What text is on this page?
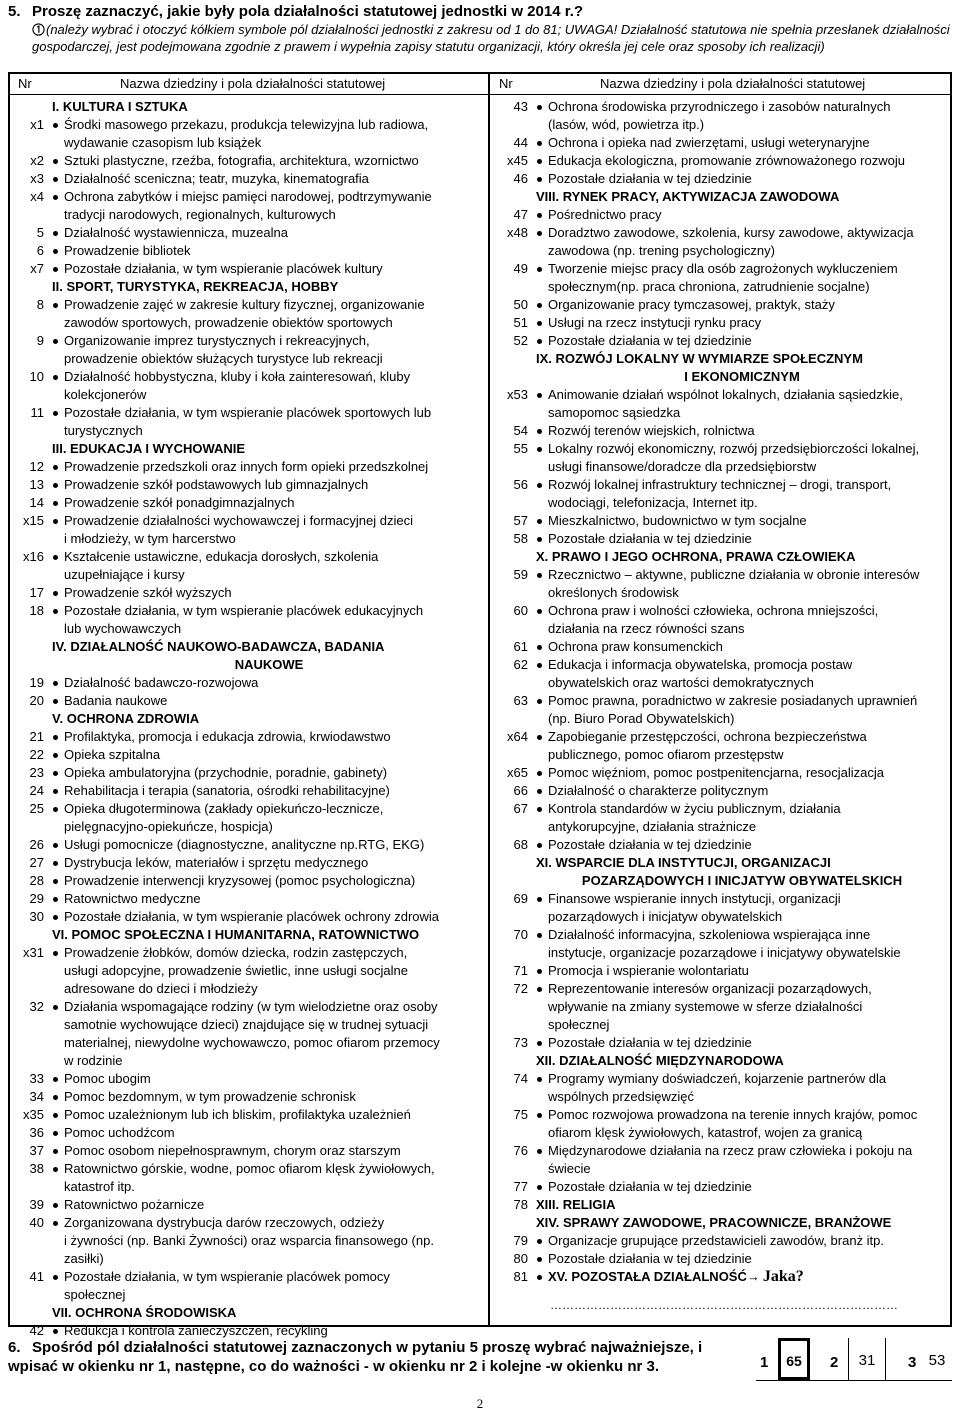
5. Proszę zaznaczyć, jakie były pola działalności statutowej jednostki w 2014 r.?
(należy wybrać i otoczyć kółkiem symbole pól działalności jednostki z zakresu od 1 do 81; UWAGA! Działalność statutowa nie spełnia przesłanek działalności gospodarczej, jest podejmowana zgodnie z prawem i wypełnia zapisy statutu organizacji, który określa jej cele oraz sposoby ich realizacji)
Nr	Nazwa dziedziny i pola działalności statutowej	Nr	Nazwa dziedziny i pola działalności statutowej
I. KULTURA I SZTUKA
x1	Środki masowego przekazu, produkcja telewizyjna lub radiowa,
wydawanie czasopism lub książek
x2	Sztuki plastyczne, rzeźba, fotografia, architektura, wzornictwo
x3	Działalność sceniczna; teatr, muzyka, kinematografia
x4	Ochrona zabytków i miejsc pamięci narodowej, podtrzymywanie
tradycji narodowych, regionalnych, kulturowych
5	Działalność wystawiennicza, muzealna
6	Prowadzenie bibliotek
x7	Pozostałe działania, w tym wspieranie placówek kultury
II. SPORT, TURYSTYKA, REKREACJA, HOBBY
8	Prowadzenie zajęć w zakresie kultury fizycznej, organizowanie
zawodów sportowych, prowadzenie obiektów sportowych
9	Organizowanie imprez turystycznych i rekreacyjnych,
prowadzenie obiektów służących turystyce lub rekreacji
10	Działalność hobbystyczna, kluby i koła zainteresowań, kluby
kolekcjonerów
11	Pozostałe działania, w tym wspieranie placówek sportowych lub
turystycznych
III. EDUKACJA I WYCHOWANIE
12	Prowadzenie przedszkoli oraz innych form opieki przedszkolnej
13	Prowadzenie szkół podstawowych lub gimnazjalnych
14	Prowadzenie szkół ponadgimnazjalnych
x15	Prowadzenie działalności wychowawczej i formacyjnej dzieci
i młodzieży, w tym harcerstwo
x16	Kształcenie ustawiczne, edukacja dorosłych, szkolenia
uzupełniające i kursy
17	Prowadzenie szkół wyższych
18	Pozostałe działania, w tym wspieranie placówek edukacyjnych
lub wychowawczych
IV. DZIAŁALNOŚĆ NAUKOWO-BADAWCZA, BADANIA
NAUKOWE
19	Działalność badawczo-rozwojowa
20	Badania naukowe
V. OCHRONA ZDROWIA
21	Profilaktyka, promocja i edukacja zdrowia, krwiodawstwo
22	Opieka szpitalna
23	Opieka ambulatoryjna (przychodnie, poradnie, gabinety)
24	Rehabilitacja i terapia (sanatoria, ośrodki rehabilitacyjne)
25	Opieka długoterminowa (zakłady opiekuńczo-lecznicze,
pielęgnacyjno-opiekuńcze, hospicja)
26	Usługi pomocnicze (diagnostyczne, analityczne np.RTG, EKG)
27	Dystrybucja leków, materiałów i sprzętu medycznego
28	Prowadzenie interwencji kryzysowej (pomoc psychologiczna)
29	Ratownictwo medyczne
30	Pozostałe działania, w tym wspieranie placówek ochrony zdrowia
VI. POMOC SPOŁECZNA I HUMANITARNA, RATOWNICTWO
x31	Prowadzenie żłobków, domów dziecka, rodzin zastępczych,
usługi adopcyjne, prowadzenie świetlic, inne usługi socjalne
adresowane do dzieci i młodzieży
32	Działania wspomagające rodziny (w tym wielodzietne oraz osoby
samotnie wychowujące dzieci) znajdujące się w trudnej sytuacji
materialnej, niewydolne wychowawczo, pomoc ofiarom przemocy
w rodzinie
33	Pomoc ubogim
34	Pomoc bezdomnym, w tym prowadzenie schronisk
x35	Pomoc uzależnionym lub ich bliskim, profilaktyka uzależnień
36	Pomoc uchodźcom
37	Pomoc osobom niepełnosprawnym, chorym oraz starszym
38	Ratownictwo górskie, wodne, pomoc ofiarom klęsk żywiołowych,
katastrof itp.
39	Ratownictwo pożarnicze
40	Zorganizowana dystrybucja darów rzeczowych, odzieży
i żywności (np. Banki Żywności) oraz wsparcia finansowego (np.
zasiłki)
41	Pozostałe działania, w tym wspieranie placówek pomocy
społecznej
VII. OCHRONA ŚRODOWISKA
42	Redukcja i kontrola zanieczyszczeń, recykling
43	Ochrona środowiska przyrodniczego i zasobów naturalnych
(lasów, wód, powietrza itp.)
44	Ochrona i opieka nad zwierzętami, usługi weterynaryjne
x45	Edukacja ekologiczna, promowanie zrównoważonego rozwoju
46	Pozostałe działania w tej dziedzinie
VIII. RYNEK PRACY, AKTYWIZACJA ZAWODOWA
47	Pośrednictwo pracy
x48	Doradztwo zawodowe, szkolenia, kursy zawodowe, aktywizacja
zawodowa (np. trening psychologiczny)
49	Tworzenie miejsc pracy dla osób zagrożonych wykluczeniem
społecznym(np. praca chroniona, zatrudnienie socjalne)
50	Organizowanie pracy tymczasowej, praktyk, staży
51	Usługi na rzecz instytucji rynku pracy
52	Pozostałe działania w tej dziedzinie
IX. ROZWÓJ LOKALNY W WYMIARZE SPOŁECZNYM
I EKONOMICZNYM
x53	Animowanie działań wspólnot lokalnych, działania sąsiedzkie,
samopomoc sąsiedzka
54	Rozwój terenów wiejskich, rolnictwa
55	Lokalny rozwój ekonomiczny, rozwój przedsiębiorczości lokalnej,
usługi finansowe/doradcze dla przedsiębiorstw
56	Rozwój lokalnej infrastruktury technicznej – drogi, transport,
wodociągi, telefonizacja, Internet itp.
57	Mieszkalnictwo, budownictwo w tym socjalne
58	Pozostałe działania w tej dziedzinie
X. PRAWO I JEGO OCHRONA, PRAWA CZŁOWIEKA
59	Rzecznictwo – aktywne, publiczne działania w obronie interesów
określonych środowisk
60	Ochrona praw i wolności człowieka, ochrona mniejszości,
działania na rzecz równości szans
61	Ochrona praw konsumenckich
62	Edukacja i informacja obywatelska, promocja postaw
obywatelskich oraz wartości demokratycznych
63	Pomoc prawna, poradnictwo w zakresie posiadanych uprawnień
(np. Biuro Porad Obywatelskich)
x64	Zapobieganie przestępczości, ochrona bezpieczeństwa
publicznego, pomoc ofiarom przestępstw
x65	Pomoc więźniom, pomoc postpenitencjarna, resocjalizacja
66	Działalność o charakterze politycznym
67	Kontrola standardów w życiu publicznym, działania
antykorupcyjne, działania strażnicze
68	Pozostałe działania w tej dziedzinie
XI. WSPARCIE DLA INSTYTUCJI, ORGANIZACJI
POZARZĄDOWYCH I INICJATYW OBYWATELSKICH
69	Finansowe wspieranie innych instytucji, organizacji
pozarządowych i inicjatyw obywatelskich
70	Działalność informacyjna, szkoleniowa wspierająca inne
instytucje, organizacje pozarządowe i inicjatywy obywatelskie
71	Promocja i wspieranie wolontariatu
72	Reprezentowanie interesów organizacji pozarządowych,
wpływanie na zmiany systemowe w sferze działalności
społecznej
73	Pozostałe działania w tej dziedzinie
XII. DZIAŁALNOŚĆ MIĘDZYNARODOWA
74	Programy wymiany doświadczeń, kojarzenie partnerów dla
wspólnych przedsięwzięć
75	Pomoc rozwojowa prowadzona na terenie innych krajów, pomoc
ofiarom klęsk żywiołowych, katastrof, wojen za granicą
76	Międzynarodowe działania na rzecz praw człowieka i pokoju na
świecie
77	Pozostałe działania w tej dziedzinie
78 XIII. RELIGIA
XIV. SPRAWY ZAWODOWE, PRACOWNICZE, BRANŻOWE
79	Organizacje grupujące przedstawicieli zawodów, branż itp.
80	Pozostałe działania w tej dziedzinie
81	XV. POZOSTAŁA DZIAŁALNOŚĆ→ Jaka?
……………………………………………………………………………
……………………………………………………………………………
6. Spośród pól działalności statutowej zaznaczonych w pytaniu 5 proszę wybrać najważniejsze, i wpisać w okienku nr 1, następne, co do ważności - w okienku nr 2 i kolejne -w okienku nr 3.	1	65	2	31	3 53
2
